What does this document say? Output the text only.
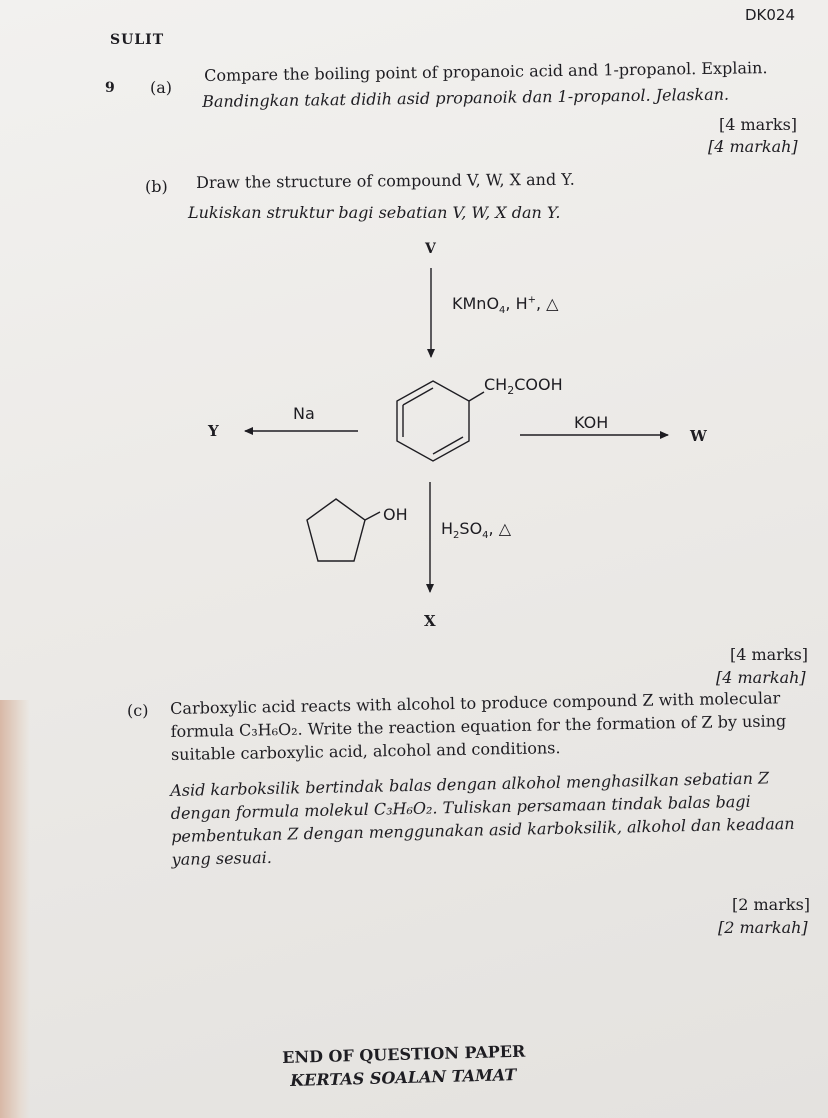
DK024
SULIT
9 (a)
Compare the boiling point of propanoic acid and 1-propanol. Explain.
Bandingkan takat didih asid propanoik dan 1-propanol. Jelaskan.
[4 marks]
[4 markah]
(b) Draw the structure of compound V, W, X and Y.
Lukiskan struktur bagi sebatian V, W, X dan Y.
V
KMnO$_4$, H+, △
$CH_2COOH$
Na
Y	KOH
W
OH
$H_2SO_4$, △
X
[4 marks]
[4 markah]
(c) Carboxylic acid reacts with alcohol to produce compound Z with molecular
formula C₃H₆O₂. Write the reaction equation for the formation of Z by using
suitable carboxylic acid, alcohol and conditions.
Asid karboksilik bertindak balas dengan alkohol menghasilkan sebatian Z
dengan formula molekul C₃H₆O₂. Tuliskan persamaan tindak balas bagi
pembentukan Z dengan menggunakan asid karboksilik, alkohol dan keadaan
yang sesuai.
[2 marks]
[2 markah]
END OF QUESTION PAPER
KERTAS SOALAN TAMAT
